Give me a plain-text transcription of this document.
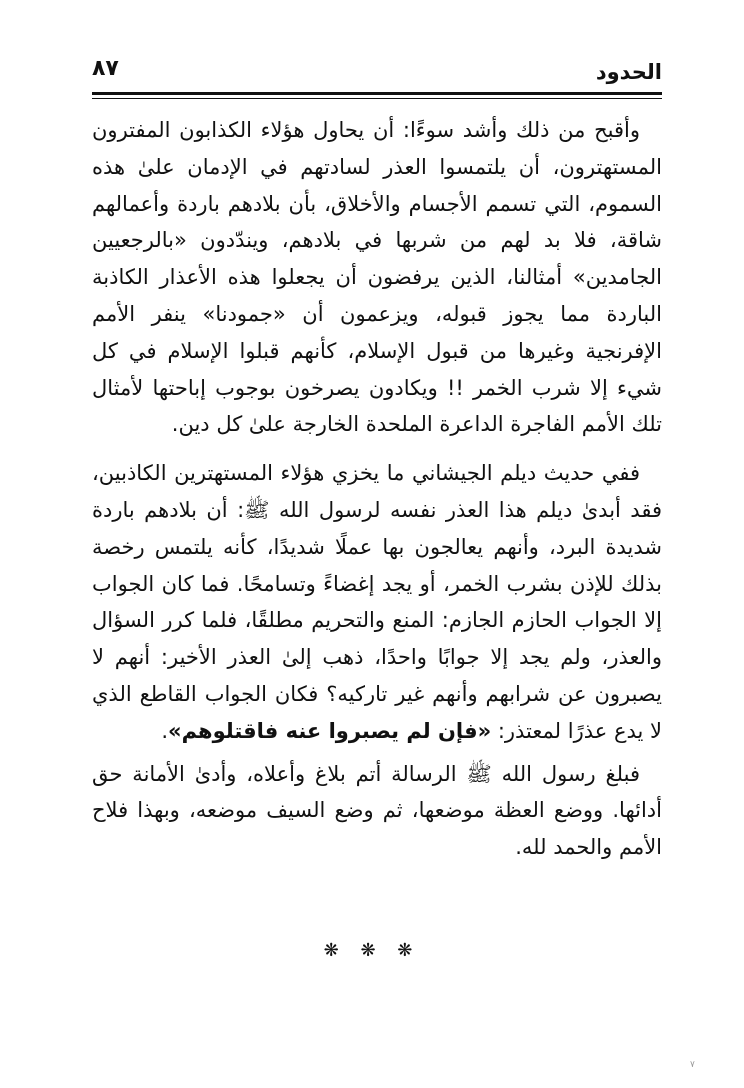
٨٧	الحدود

وأقبح من ذلك وأشد سوءًا: أن يحاول هؤلاء الكذابون المفترون المستهترون، أن يلتمسوا العذر لسادتهم في الإدمان علىٰ هذه السموم، التي تسمم الأجسام والأخلاق، بأن بلادهم باردة وأعمالهم شاقة، فلا بد لهم من شربها في بلادهم، ويندّدون «بالرجعيين الجامدين» أمثالنا، الذين يرفضون أن يجعلوا هذه الأعذار الكاذبة الباردة مما يجوز قبوله، ويزعمون أن «جمودنا» ينفر الأمم الإفرنجية وغيرها من قبول الإسلام، كأنهم قبلوا الإسلام في كل شيء إلا شرب الخمر !! ويكادون يصرخون بوجوب إباحتها لأمثال تلك الأمم الفاجرة الداعرة الملحدة الخارجة علىٰ كل دين.

ففي حديث ديلم الجيشاني ما يخزي هؤلاء المستهترين الكاذبين، فقد أبدىٰ ديلم هذا العذر نفسه لرسول الله ﷺ: أن بلادهم باردة شديدة البرد، وأنهم يعالجون بها عملًا شديدًا، كأنه يلتمس رخصة بذلك للإذن بشرب الخمر، أو يجد إغضاءً وتسامحًا. فما كان الجواب إلا الجواب الحازم الجازم: المنع والتحريم مطلقًا، فلما كرر السؤال والعذر، ولم يجد إلا جوابًا واحدًا، ذهب إلىٰ العذر الأخير: أنهم لا يصبرون عن شرابهم وأنهم غير تاركيه؟ فكان الجواب القاطع الذي لا يدع عذرًا لمعتذر: «فإن لم يصبروا عنه فاقتلوهم».

فبلغ رسول الله ﷺ الرسالة أتم بلاغ وأعلاه، وأدىٰ الأمانة حق أدائها. ووضع العظة موضعها، ثم وضع السيف موضعه، وبهذا فلاح الأمم والحمد لله.

❋ ❋ ❋
٧
